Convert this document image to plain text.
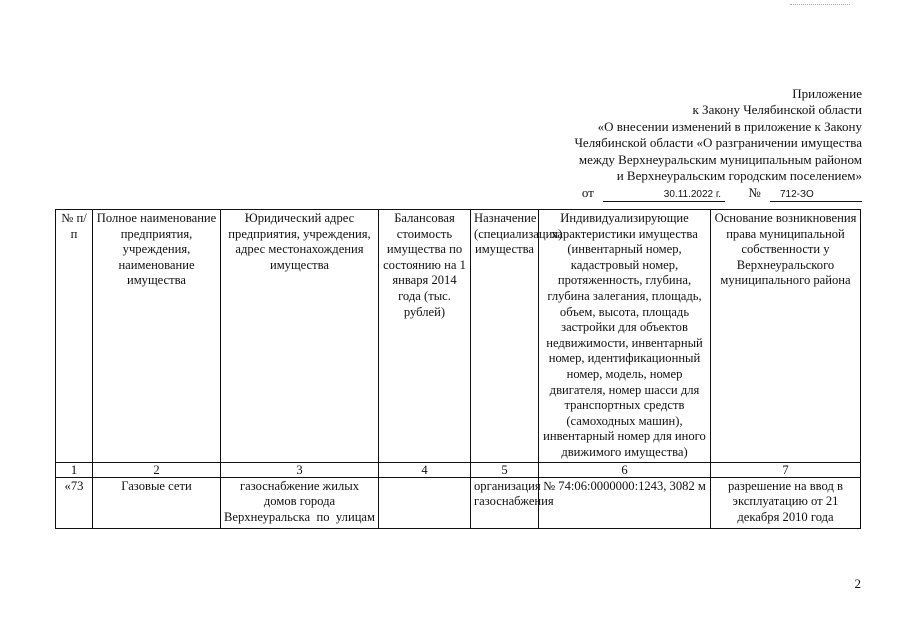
Приложение
к Закону Челябинской области
«О внесении изменений в приложение к Закону
Челябинской области «О разграничении имущества
между Верхнеуральским муниципальным районом
и Верхнеуральским городским поселением»
от	30.11.2022 г. № 712-ЗО
№ п/п	Полное наименование предприятия, учреждения, наименование имущества	Юридический адрес предприятия, учреждения, адрес местонахождения имущества	Балансовая стоимость имущества по состоянию на 1 января 2014 года (тыс. рублей)	Назначение (специализация) имущества	Индивидуализирующие характеристики имущества (инвентарный номер, кадастровый номер, протяженность, глубина, глубина залегания, площадь, объем, высота, площадь застройки для объектов недвижимости, инвентарный номер, идентификационный номер, модель, номер двигателя, номер шасси для транспортных средств (самоходных машин), инвентарный номер для иного движимого имущества)	Основание возникновения права муниципальной собственности у Верхнеуральского муниципального района
1	2	3	4	5	6	7
«73	Газовые сети	газоснабжение жилых домов города Верхнеуральска по улицам		организация газоснабжения	№ 74:06:0000000:1243, 3082 м	разрешение на ввод в эксплуатацию от 21 декабря 2010 года
2
